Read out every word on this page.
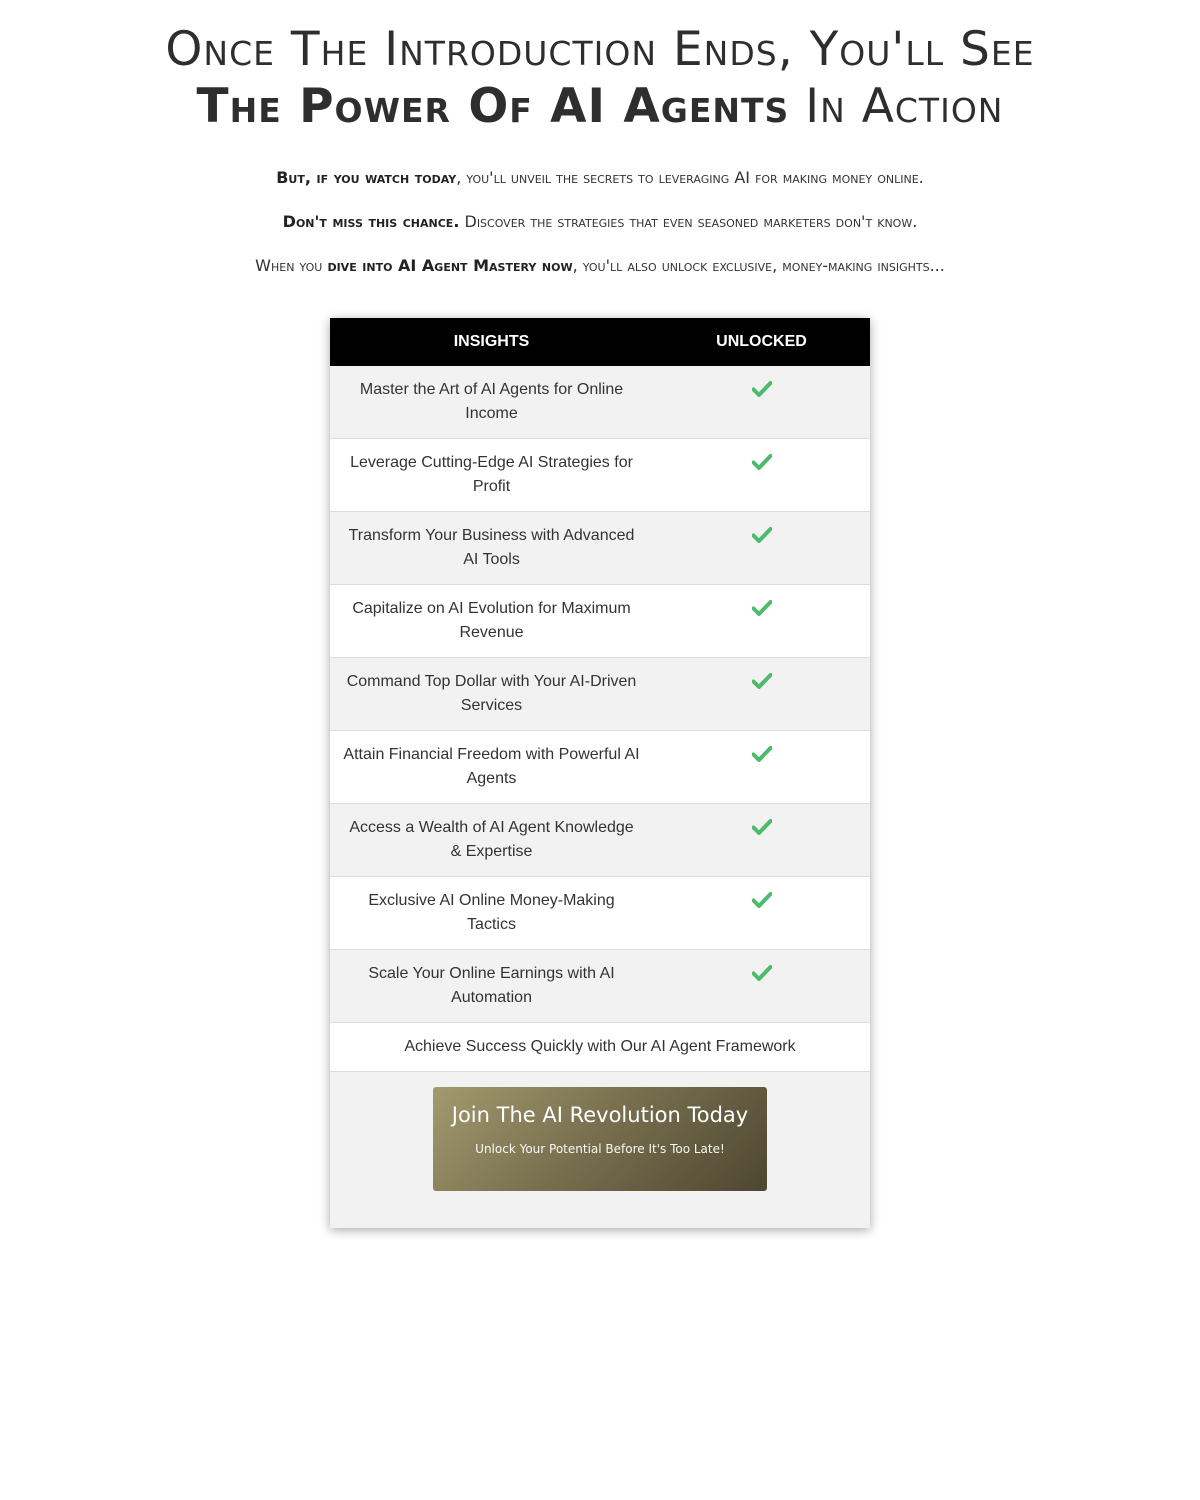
Once The Introduction Ends, You'll See
The Power Of AI Agents In Action
But, if you watch today, you'll unveil the secrets to leveraging AI for making money online.
Don't miss this chance. Discover the strategies that even seasoned marketers don't know.
When you dive into AI Agent Mastery now, you'll also unlock exclusive, money-making insights...
INSIGHTS	UNLOCKED
Master the Art of AI Agents for Online Income	
Leverage Cutting-Edge AI Strategies for Profit	
Transform Your Business with Advanced AI Tools	
Capitalize on AI Evolution for Maximum Revenue	
Command Top Dollar with Your AI-Driven Services	
Attain Financial Freedom with Powerful AI Agents	
Access a Wealth of AI Agent Knowledge & Expertise	
Exclusive AI Online Money-Making Tactics	
Scale Your Online Earnings with AI Automation	
Achieve Success Quickly with Our AI Agent Framework	
Join The AI Revolution Today
Unlock Your Potential Before It's Too Late!
